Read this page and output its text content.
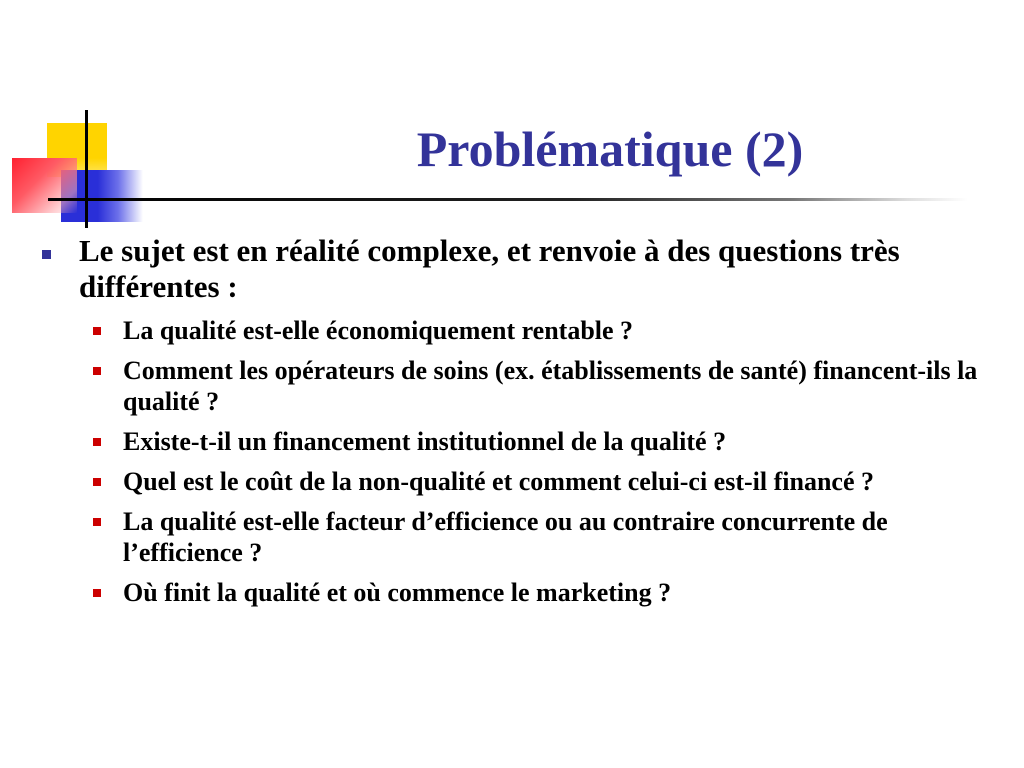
Problématique (2)
Le sujet est en réalité complexe, et renvoie à des questions très différentes :
La qualité est-elle économiquement rentable ?
Comment les opérateurs de soins (ex. établissements de santé) financent-ils la qualité ?
Existe-t-il un financement institutionnel de la qualité ?
Quel est le coût de la non-qualité et comment celui-ci est-il financé ?
La qualité est-elle facteur d’efficience ou au contraire concurrente de l’efficience ?
Où finit la qualité et où commence le marketing ?
